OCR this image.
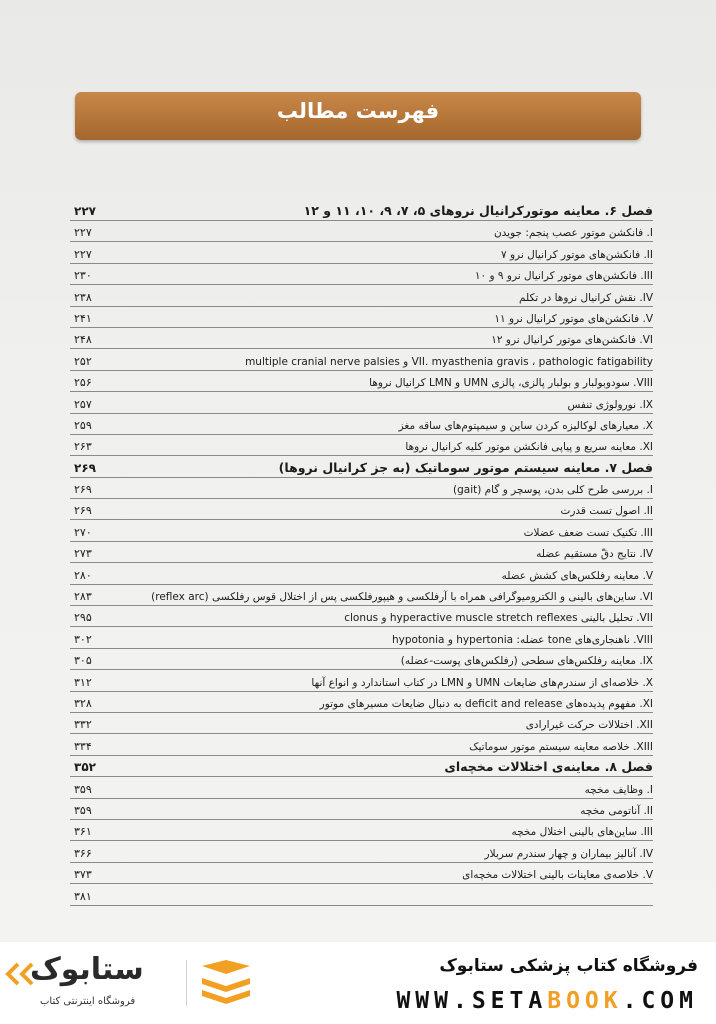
فهرست مطالب
فصل ۶. معاینه موتورکرانیال نروهای ۵، ۷، ۹، ۱۰، ۱۱ و ۱۲
۲۲۷
I. فانکشن موتور عصب پنجم: جویدن
۲۲۷
II. فانکشن‌های موتور کرانیال نرو ۷
۲۲۷
III. فانکشن‌های موتور کرانیال نرو ۹ و ۱۰
۲۳۰
IV. نقش کرانیال نروها در تکلم
۲۳۸
V. فانکشن‌های موتور کرانیال نرو ۱۱
۲۴۱
VI. فانکشن‌های موتور کرانیال نرو ۱۲
۲۴۸
VII. myasthenia gravis ، pathologic fatigability و multiple cranial nerve palsies
۲۵۲
VIII. سودوبولبار و بولبار پالزی، پالزی UMN و LMN کرانیال نروها
۲۵۶
IX. نورولوژی تنفس
۲۵۷
X. معیارهای لوکالیزه کردن ساین و سیمپتوم‌های ساقه مغز
۲۵۹
XI. معاینه سریع و پیاپی فانکشن موتور کلیه کرانیال نروها
۲۶۳
فصل ۷. معاینه سیستم موتور سوماتیک (به جز کرانیال نروها)
۲۶۹
I. بررسی طرح کلی بدن، پوسچر و گام (gait)
۲۶۹
II. اصول تست قدرت
۲۶۹
III. تکنیک تست ضعف عضلات
۲۷۰
IV. نتایج دقّ مستقیم عضله
۲۷۳
V. معاینه رفلکس‌های کشش عضله
۲۸۰
VI. ساین‌های بالینی و الکترومیوگرافی همراه با آرفلکسی و هیپورفلکسی پس از اختلال قوس رفلکسی (reflex arc)
۲۸۳
VII. تحلیل بالینی hyperactive muscle stretch reflexes و clonus
۲۹۵
VIII. ناهنجاری‌های tone عضله: hypertonia و hypotonia
۳۰۲
IX. معاینه رفلکس‌های سطحی (رفلکس‌های پوست-عضله)
۳۰۵
X. خلاصه‌ای از سندرم‌های ضایعات UMN و LMN در کتاب استاندارد و انواع آنها
۳۱۲
XI. مفهوم پدیده‌های deficit and release به دنبال ضایعات مسیرهای موتور
۳۲۸
XII. اختلالات حرکت غیرارادی
۳۳۲
XIII. خلاصه معاینه سیستم موتور سوماتیک
۳۳۴
فصل ۸. معاینه‌ی اختلالات مخچه‌ای
۳۵۲
I. وظایف مخچه
۳۵۹
II. آناتومی مخچه
۳۵۹
III. ساین‌های بالینی اختلال مخچه
۳۶۱
IV. آنالیز بیماران و چهار سندرم سربلار
۳۶۶
V. خلاصه‌ی معاینات بالینی اختلالات مخچه‌ای
۳۷۳
۳۸۱
فروشگاه کتاب پزشکی ستابوک
WWW.SETABOOK.COM
ستابوک
فروشگاه اینترنتی کتاب
